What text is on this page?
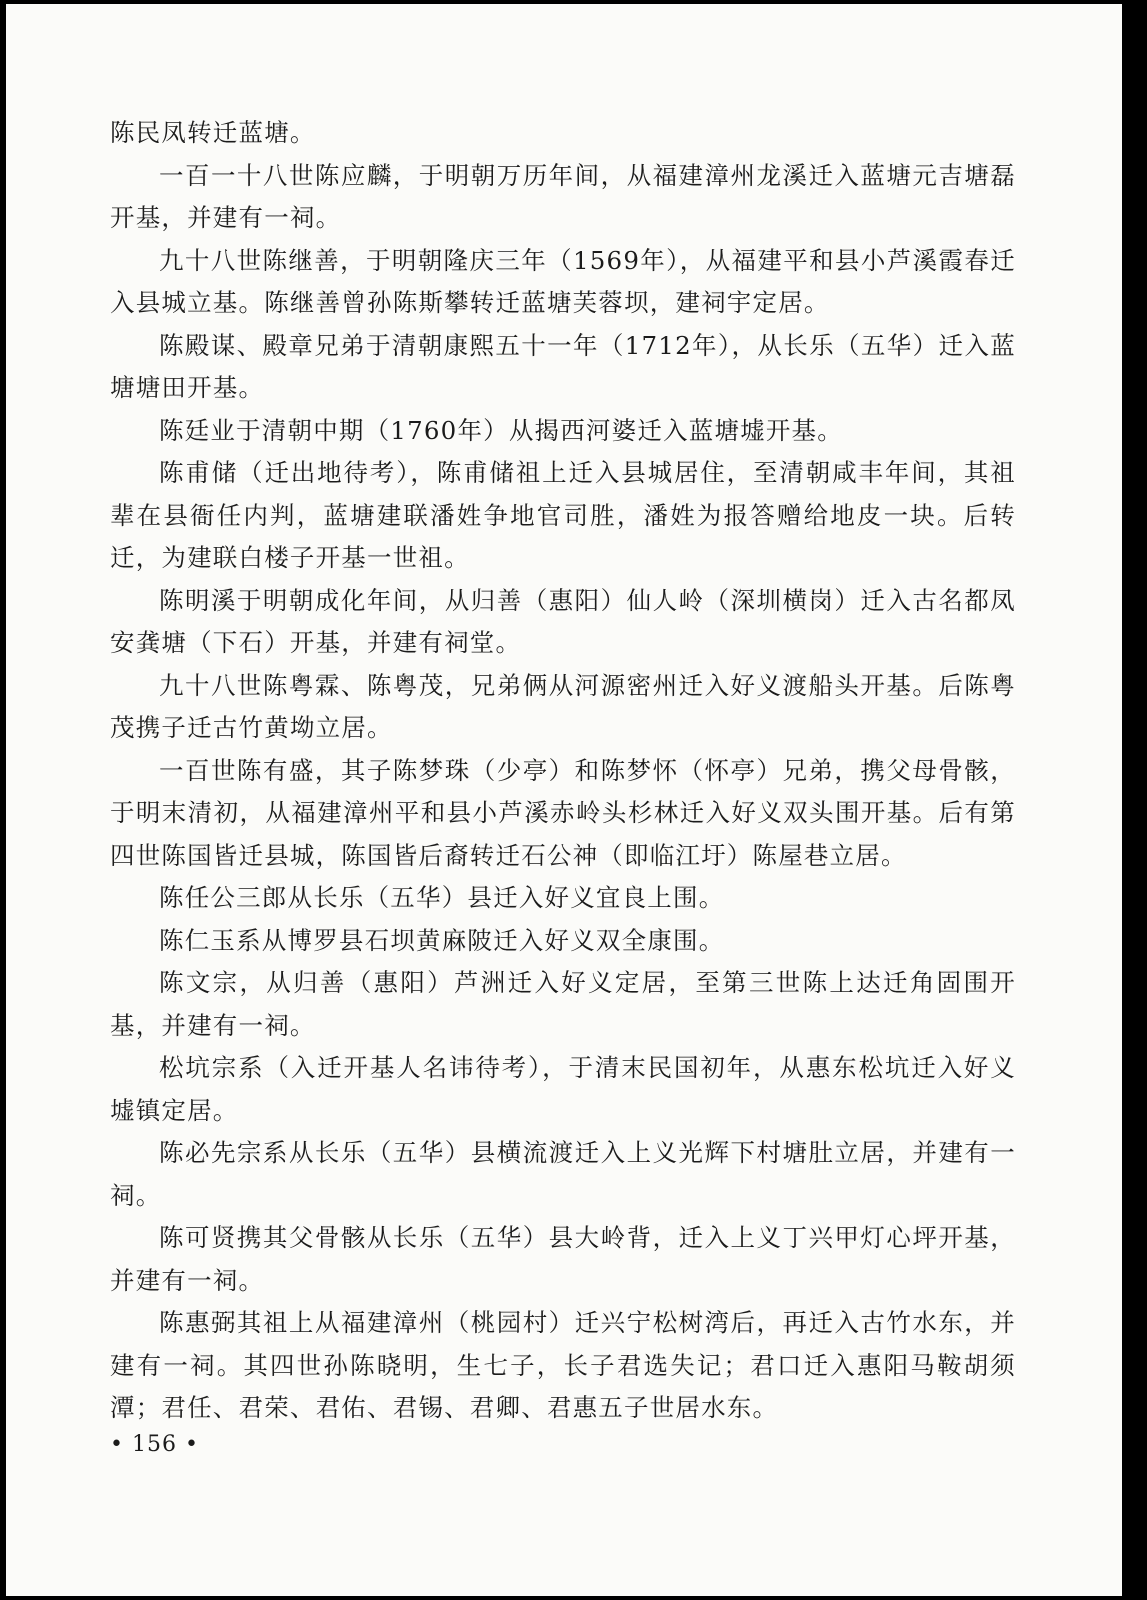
陈民凤转迁蓝塘。

一百一十八世陈应麟，于明朝万历年间，从福建漳州龙溪迁入蓝塘元吉塘磊开基，并建有一祠。

九十八世陈继善，于明朝隆庆三年（1569年），从福建平和县小芦溪霞春迁入县城立基。陈继善曾孙陈斯攀转迁蓝塘芙蓉坝，建祠宇定居。

陈殿谋、殿章兄弟于清朝康熙五十一年（1712年），从长乐（五华）迁入蓝塘塘田开基。

陈廷业于清朝中期（1760年）从揭西河婆迁入蓝塘墟开基。

陈甫储（迁出地待考），陈甫储祖上迁入县城居住，至清朝咸丰年间，其祖辈在县衙任内判，蓝塘建联潘姓争地官司胜，潘姓为报答赠给地皮一块。后转迁，为建联白楼子开基一世祖。

陈明溪于明朝成化年间，从归善（惠阳）仙人岭（深圳横岗）迁入古名都凤安龚塘（下石）开基，并建有祠堂。

九十八世陈粤霖、陈粤茂，兄弟俩从河源密州迁入好义渡船头开基。后陈粤茂携子迁古竹黄坳立居。

一百世陈有盛，其子陈梦珠（少亭）和陈梦怀（怀亭）兄弟，携父母骨骸，于明末清初，从福建漳州平和县小芦溪赤岭头杉林迁入好义双头围开基。后有第四世陈国皆迁县城，陈国皆后裔转迁石公神（即临江圩）陈屋巷立居。

陈任公三郎从长乐（五华）县迁入好义宜良上围。

陈仁玉系从博罗县石坝黄麻陂迁入好义双全康围。

陈文宗，从归善（惠阳）芦洲迁入好义定居，至第三世陈上达迁角固围开基，并建有一祠。

松坑宗系（入迁开基人名讳待考），于清末民国初年，从惠东松坑迁入好义墟镇定居。

陈必先宗系从长乐（五华）县横流渡迁入上义光辉下村塘肚立居，并建有一祠。

陈可贤携其父骨骸从长乐（五华）县大岭背，迁入上义丁兴甲灯心坪开基，并建有一祠。

陈惠弼其祖上从福建漳州（桃园村）迁兴宁松树湾后，再迁入古竹水东，并建有一祠。其四世孙陈晓明，生七子，长子君选失记；君口迁入惠阳马鞍胡须潭；君任、君荣、君佑、君锡、君卿、君惠五子世居水东。

• 156 •
